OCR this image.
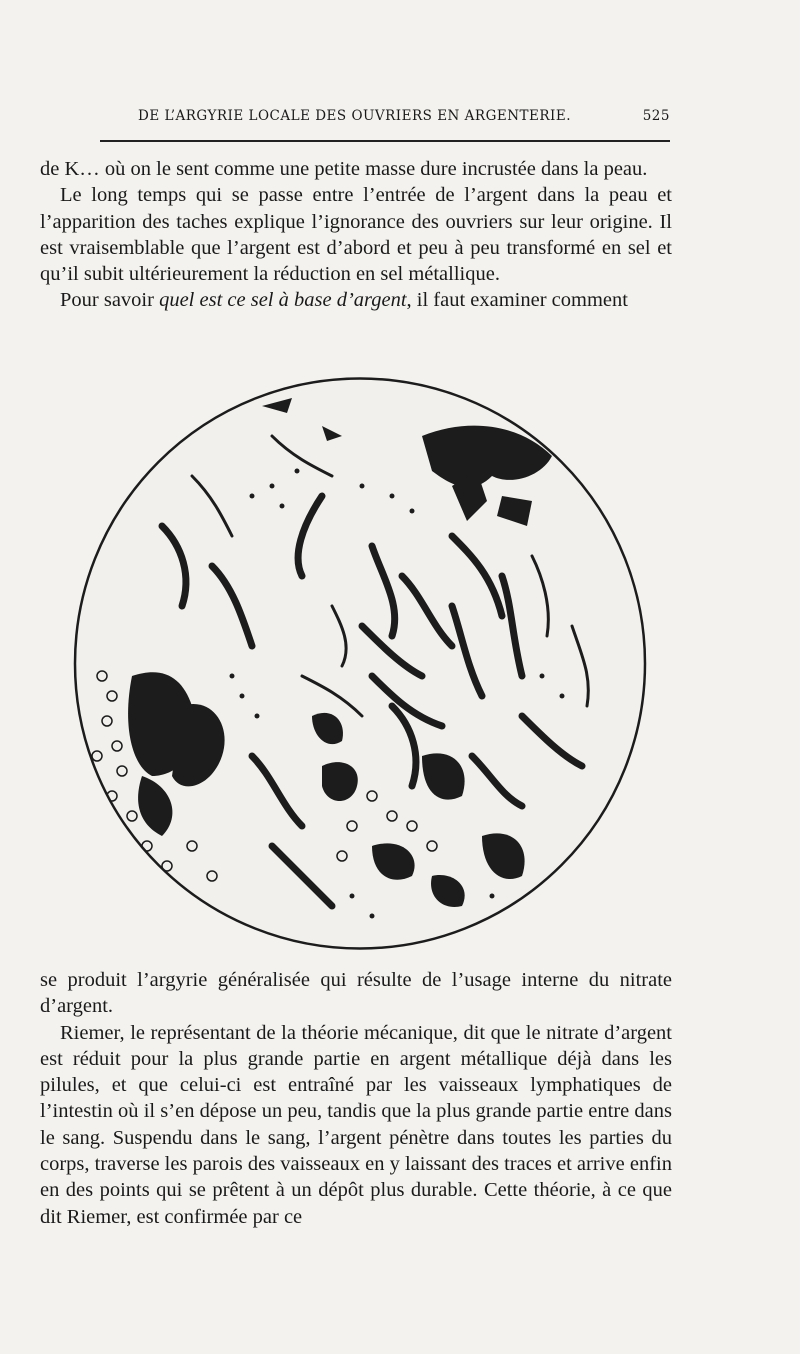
DE L’ARGYRIE LOCALE DES OUVRIERS EN ARGENTERIE.	525

de K… où on le sent comme une petite masse dure incrustée dans la peau.

Le long temps qui se passe entre l’entrée de l’argent dans la peau et l’apparition des taches explique l’ignorance des ouvriers sur leur origine. Il est vraisemblable que l’argent est d’abord et peu à peu transformé en sel et qu’il subit ultérieurement la réduction en sel métallique.

Pour savoir quel est ce sel à base d’argent, il faut examiner comment

se produit l’argyrie généralisée qui résulte de l’usage interne du nitrate d’argent.

Riemer, le représentant de la théorie mécanique, dit que le nitrate d’argent est réduit pour la plus grande partie en argent métallique déjà dans les pilules, et que celui-ci est entraîné par les vaisseaux lymphatiques de l’intestin où il s’en dépose un peu, tandis que la plus grande partie entre dans le sang. Suspendu dans le sang, l’argent pénètre dans toutes les parties du corps, traverse les parois des vaisseaux en y laissant des traces et arrive enfin en des points qui se prêtent à un dépôt plus durable. Cette théorie, à ce que dit Riemer, est confirmée par ce
